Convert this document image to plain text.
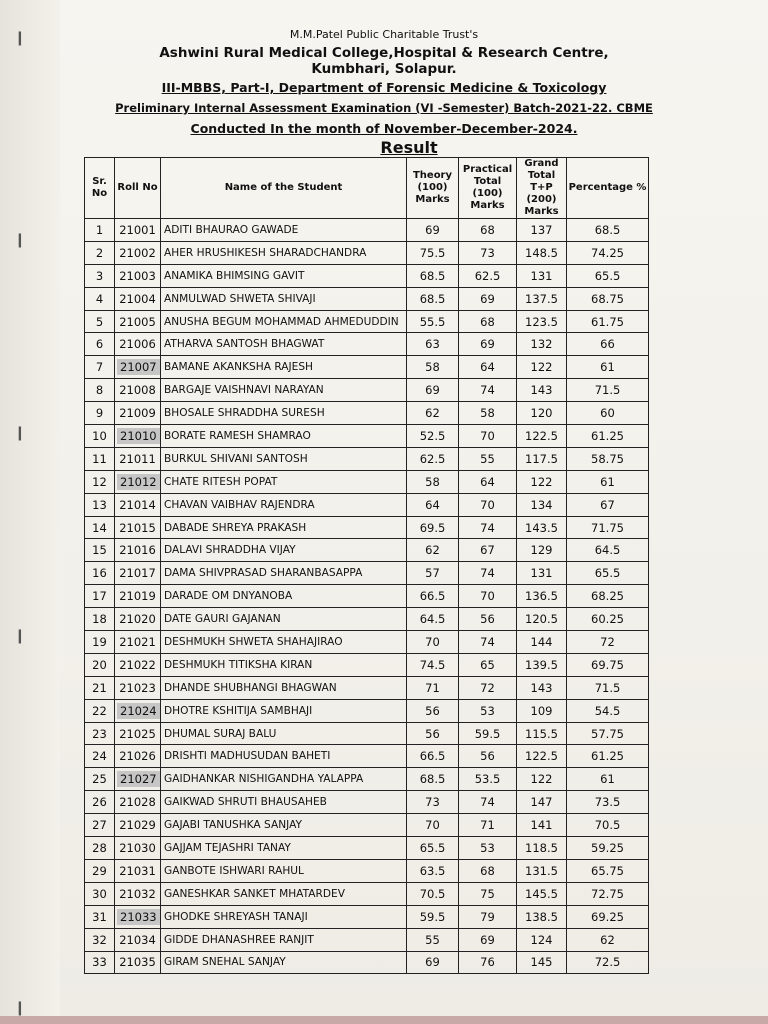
❙
❙
❙
❙
❙
M.M.Patel Public Charitable Trust's
Ashwini Rural Medical College,Hospital & Research Centre,
Kumbhari, Solapur.
III-MBBS, Part-I, Department of Forensic Medicine & Toxicology
Preliminary Internal Assessment Examination (VI -Semester) Batch-2021-22. CBME
Conducted In the month of November-December-2024.
Result
Sr. No	Roll No	Name of the Student	Theory (100) Marks	Practical Total (100) Marks	Grand Total T+P (200) Marks	Percentage %
1	21001	ADITI BHAURAO GAWADE	69	68	137	68.5
2	21002	AHER HRUSHIKESH SHARADCHANDRA	75.5	73	148.5	74.25
3	21003	ANAMIKA BHIMSING GAVIT	68.5	62.5	131	65.5
4	21004	ANMULWAD SHWETA SHIVAJI	68.5	69	137.5	68.75
5	21005	ANUSHA BEGUM MOHAMMAD AHMEDUDDIN	55.5	68	123.5	61.75
6	21006	ATHARVA SANTOSH BHAGWAT	63	69	132	66
7	21007	BAMANE AKANKSHA RAJESH	58	64	122	61
8	21008	BARGAJE VAISHNAVI NARAYAN	69	74	143	71.5
9	21009	BHOSALE SHRADDHA SURESH	62	58	120	60
10	21010	BORATE RAMESH SHAMRAO	52.5	70	122.5	61.25
11	21011	BURKUL SHIVANI SANTOSH	62.5	55	117.5	58.75
12	21012	CHATE RITESH POPAT	58	64	122	61
13	21014	CHAVAN VAIBHAV RAJENDRA	64	70	134	67
14	21015	DABADE SHREYA PRAKASH	69.5	74	143.5	71.75
15	21016	DALAVI SHRADDHA VIJAY	62	67	129	64.5
16	21017	DAMA SHIVPRASAD SHARANBASAPPA	57	74	131	65.5
17	21019	DARADE OM DNYANOBA	66.5	70	136.5	68.25
18	21020	DATE GAURI GAJANAN	64.5	56	120.5	60.25
19	21021	DESHMUKH SHWETA SHAHAJIRAO	70	74	144	72
20	21022	DESHMUKH TITIKSHA KIRAN	74.5	65	139.5	69.75
21	21023	DHANDE SHUBHANGI BHAGWAN	71	72	143	71.5
22	21024	DHOTRE KSHITIJA SAMBHAJI	56	53	109	54.5
23	21025	DHUMAL SURAJ BALU	56	59.5	115.5	57.75
24	21026	DRISHTI MADHUSUDAN BAHETI	66.5	56	122.5	61.25
25	21027	GAIDHANKAR NISHIGANDHA YALAPPA	68.5	53.5	122	61
26	21028	GAIKWAD SHRUTI BHAUSAHEB	73	74	147	73.5
27	21029	GAJABI TANUSHKA SANJAY	70	71	141	70.5
28	21030	GAJJAM TEJASHRI TANAY	65.5	53	118.5	59.25
29	21031	GANBOTE ISHWARI RAHUL	63.5	68	131.5	65.75
30	21032	GANESHKAR SANKET MHATARDEV	70.5	75	145.5	72.75
31	21033	GHODKE SHREYASH TANAJI	59.5	79	138.5	69.25
32	21034	GIDDE DHANASHREE RANJIT	55	69	124	62
33	21035	GIRAM SNEHAL SANJAY	69	76	145	72.5
